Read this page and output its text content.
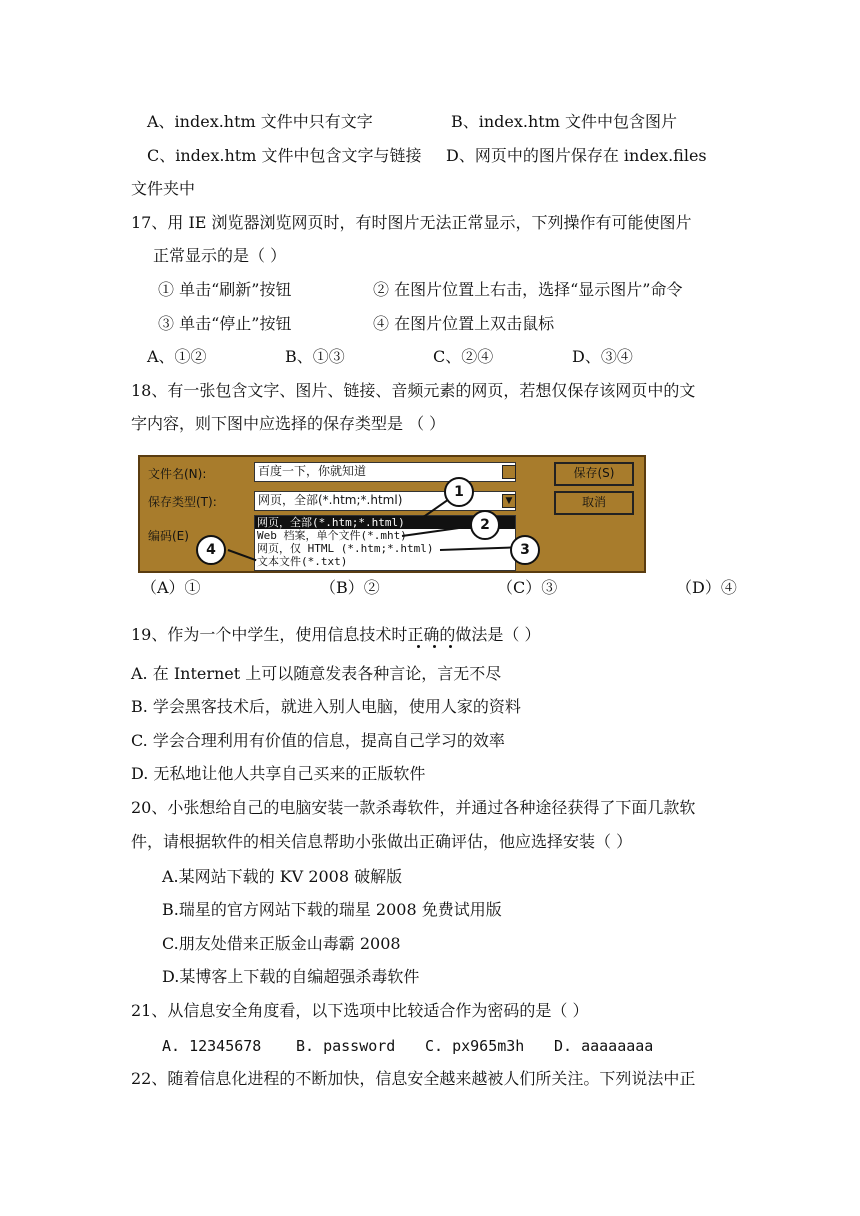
A、index.htm 文件中只有文字	B、index.htm 文件中包含图片
C、index.htm 文件中包含文字与链接 D、网页中的图片保存在 index.files
文件夹中
17、用 IE 浏览器浏览网页时，有时图片无法正常显示，下列操作有可能使图片
正常显示的是（ ）
① 单击“刷新”按钮	② 在图片位置上右击，选择“显示图片”命令
③ 单击“停止”按钮	④ 在图片位置上双击鼠标
A、①②	B、①③	C、②④	D、③④
18、有一张包含文字、图片、链接、音频元素的网页，若想仅保存该网页中的文
字内容，则下图中应选择的保存类型是 （ ）
文件名(N):	百度一下，你就知道
保存类型(T):	网页，全部(*.htm;*.html)	▼
网页，全部(*.htm;*.html)
Web 档案，单个文件(*.mht)
网页，仅 HTML (*.htm;*.html)
文本文件(*.txt)
编码(E)
保存(S)
取消
1
2
3
4
（A）①	（B）②	（C）③	（D）④
19、作为一个中学生，使用信息技术时正确的做法是（ ）
A. 在 Internet 上可以随意发表各种言论，言无不尽
B. 学会黑客技术后，就进入别人电脑，使用人家的资料
C. 学会合理利用有价值的信息，提高自己学习的效率
D. 无私地让他人共享自己买来的正版软件
20、小张想给自己的电脑安装一款杀毒软件，并通过各种途径获得了下面几款软
件，请根据软件的相关信息帮助小张做出正确评估，他应选择安装（ ）
A.某网站下载的 KV 2008 破解版
B.瑞星的官方网站下载的瑞星 2008 免费试用版
C.朋友处借来正版金山毒霸 2008
D.某博客上下载的自编超强杀毒软件
21、从信息安全角度看，以下选项中比较适合作为密码的是（ ）
A. 12345678 B. password C. px965m3h D. aaaaaaaa
22、随着信息化进程的不断加快，信息安全越来越被人们所关注。下列说法中正
